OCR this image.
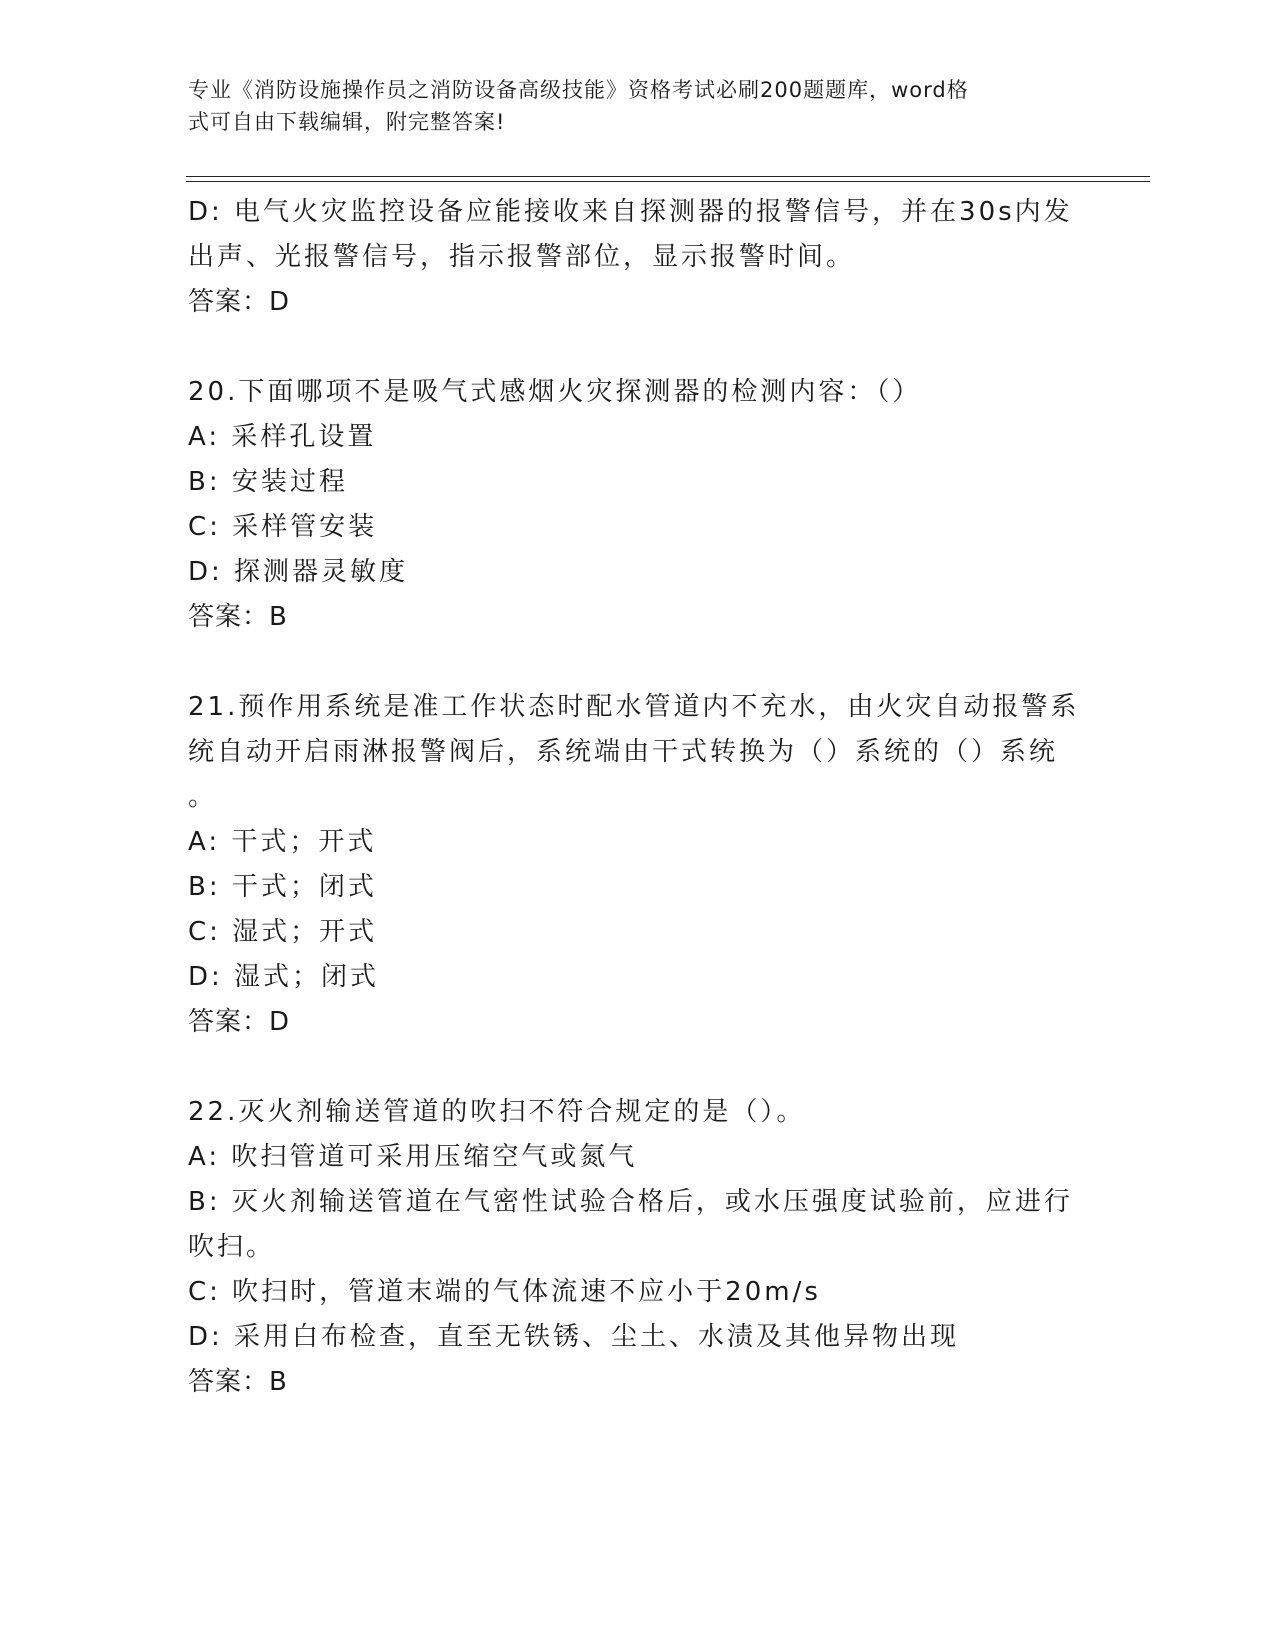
专业《消防设施操作员之消防设备高级技能》资格考试必刷200题题库，word格
式可自由下载编辑，附完整答案!
D: 电气火灾监控设备应能接收来自探测器的报警信号，并在30s内发
出声、光报警信号，指示报警部位，显示报警时间。
答案：D
20.下面哪项不是吸气式感烟火灾探测器的检测内容：（）
A: 采样孔设置
B: 安装过程
C: 采样管安装
D: 探测器灵敏度
答案：B
21.预作用系统是准工作状态时配水管道内不充水，由火灾自动报警系
统自动开启雨淋报警阀后，系统端由干式转换为（）系统的（）系统
。
A: 干式；开式
B: 干式；闭式
C: 湿式；开式
D: 湿式；闭式
答案：D
22.灭火剂输送管道的吹扫不符合规定的是（）。
A: 吹扫管道可采用压缩空气或氮气
B: 灭火剂输送管道在气密性试验合格后，或水压强度试验前，应进行
吹扫。
C: 吹扫时，管道末端的气体流速不应小于20m/s
D: 采用白布检查，直至无铁锈、尘土、水渍及其他异物出现
答案：B
